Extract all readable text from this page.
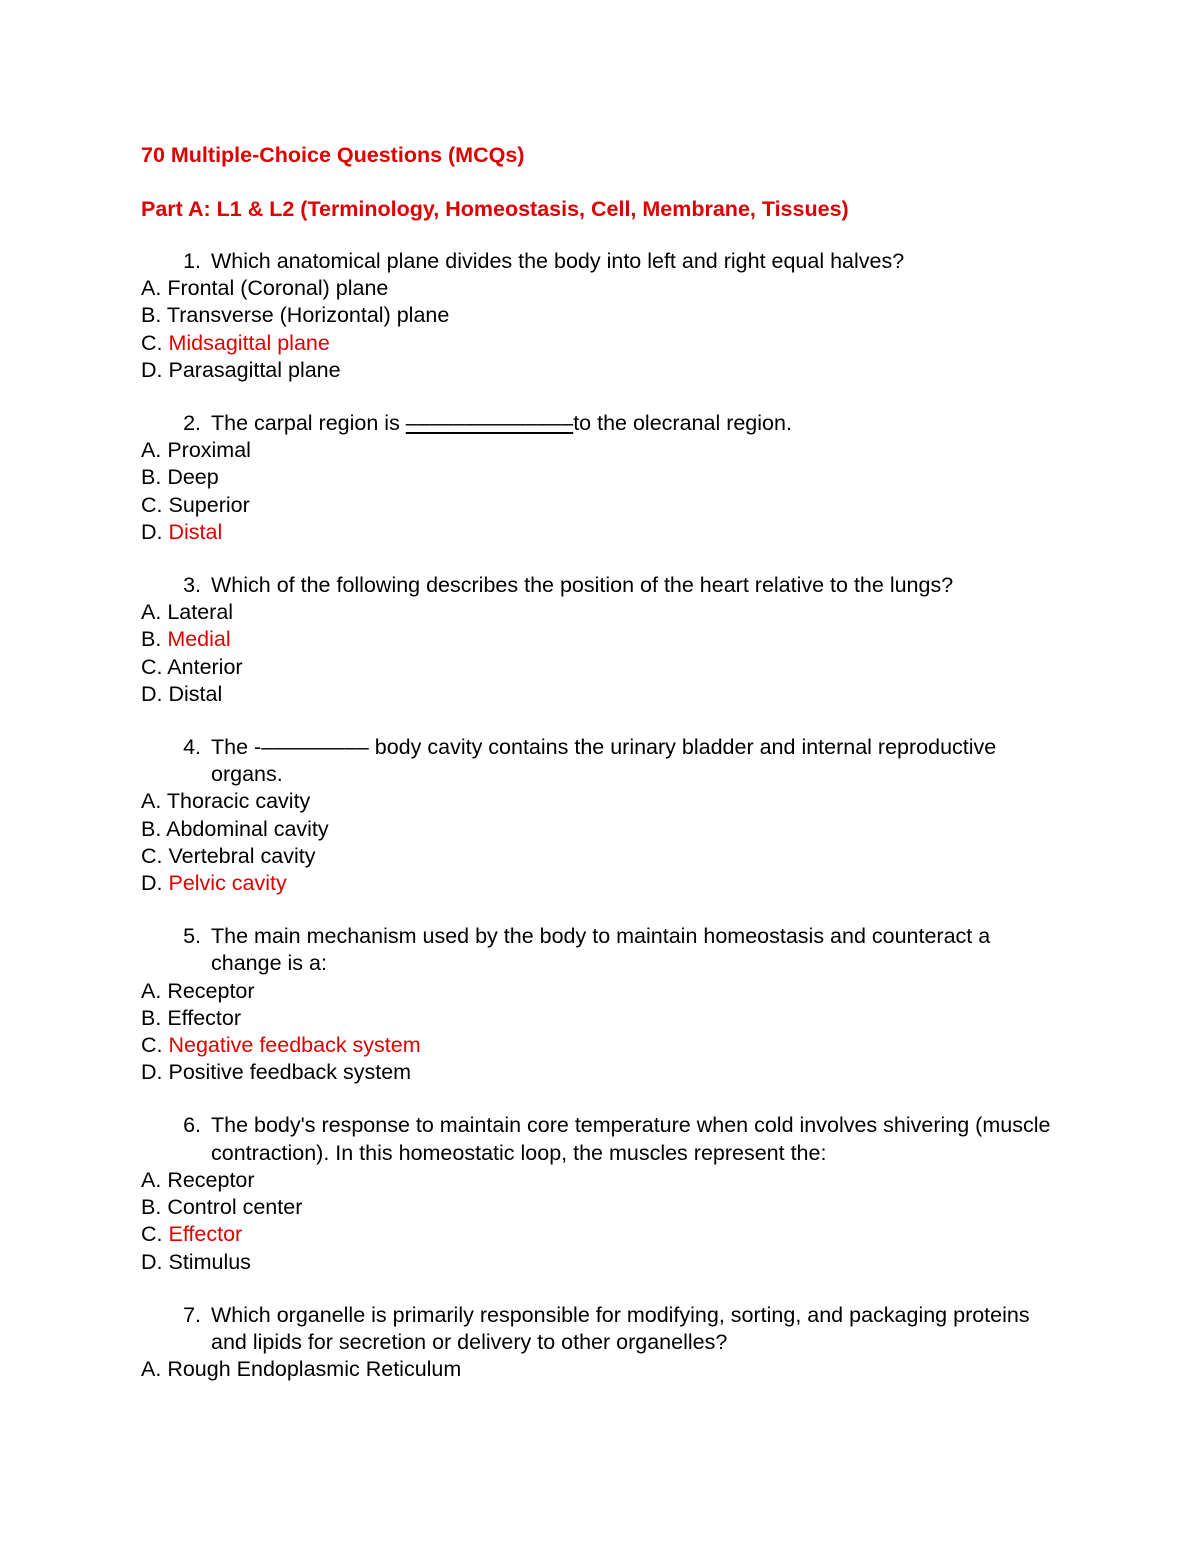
70 Multiple-Choice Questions (MCQs)
Part A: L1 & L2 (Terminology, Homeostasis, Cell, Membrane, Tissues)
1. Which anatomical plane divides the body into left and right equal halves?
A. Frontal (Coronal) plane
B. Transverse (Horizontal) plane
C. Midsagittal plane
D. Parasagittal plane
2. The carpal region is ––––––––––––––to the olecranal region.
A. Proximal
B. Deep
C. Superior
D. Distal
3. Which of the following describes the position of the heart relative to the lungs?
A. Lateral
B. Medial
C. Anterior
D. Distal
4. The -––––––––– body cavity contains the urinary bladder and internal reproductive organs.
A. Thoracic cavity
B. Abdominal cavity
C. Vertebral cavity
D. Pelvic cavity
5. The main mechanism used by the body to maintain homeostasis and counteract a change is a:
A. Receptor
B. Effector
C. Negative feedback system
D. Positive feedback system
6. The body's response to maintain core temperature when cold involves shivering (muscle contraction). In this homeostatic loop, the muscles represent the:
A. Receptor
B. Control center
C. Effector
D. Stimulus
7. Which organelle is primarily responsible for modifying, sorting, and packaging proteins and lipids for secretion or delivery to other organelles?
A. Rough Endoplasmic Reticulum
